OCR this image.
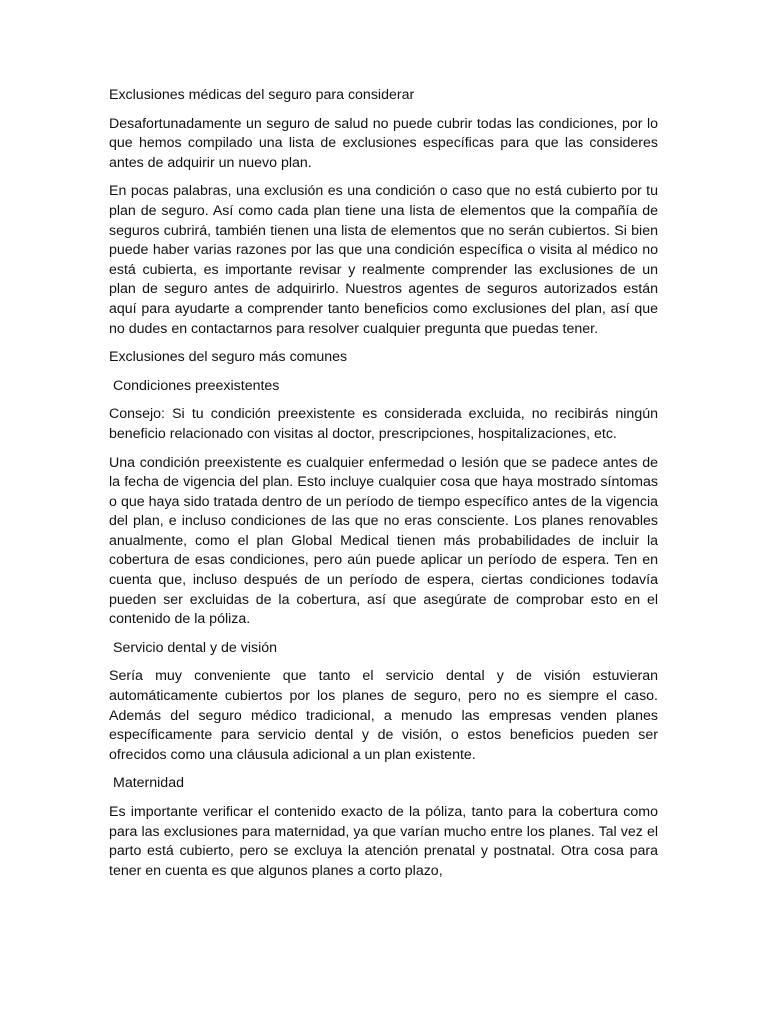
Exclusiones médicas del seguro para considerar

Desafortunadamente un seguro de salud no puede cubrir todas las condiciones, por lo que hemos compilado una lista de exclusiones específicas para que las consideres antes de adquirir un nuevo plan.

En pocas palabras, una exclusión es una condición o caso que no está cubierto por tu plan de seguro. Así como cada plan tiene una lista de elementos que la compañía de seguros cubrirá, también tienen una lista de elementos que no serán cubiertos. Si bien puede haber varias razones por las que una condición específica o visita al médico no está cubierta, es importante revisar y realmente comprender las exclusiones de un plan de seguro antes de adquirirlo. Nuestros agentes de seguros autorizados están aquí para ayudarte a comprender tanto beneficios como exclusiones del plan, así que no dudes en contactarnos para resolver cualquier pregunta que puedas tener.

Exclusiones del seguro más comunes

Condiciones preexistentes

Consejo: Si tu condición preexistente es considerada excluida, no recibirás ningún beneficio relacionado con visitas al doctor, prescripciones, hospitalizaciones, etc.

Una condición preexistente es cualquier enfermedad o lesión que se padece antes de la fecha de vigencia del plan. Esto incluye cualquier cosa que haya mostrado síntomas o que haya sido tratada dentro de un período de tiempo específico antes de la vigencia del plan, e incluso condiciones de las que no eras consciente. Los planes renovables anualmente, como el plan Global Medical tienen más probabilidades de incluir la cobertura de esas condiciones, pero aún puede aplicar un período de espera. Ten en cuenta que, incluso después de un período de espera, ciertas condiciones todavía pueden ser excluidas de la cobertura, así que asegúrate de comprobar esto en el contenido de la póliza.

Servicio dental y de visión

Sería muy conveniente que tanto el servicio dental y de visión estuvieran automáticamente cubiertos por los planes de seguro, pero no es siempre el caso. Además del seguro médico tradicional, a menudo las empresas venden planes específicamente para servicio dental y de visión, o estos beneficios pueden ser ofrecidos como una cláusula adicional a un plan existente.

Maternidad

Es importante verificar el contenido exacto de la póliza, tanto para la cobertura como para las exclusiones para maternidad, ya que varían mucho entre los planes. Tal vez el parto está cubierto, pero se excluya la atención prenatal y postnatal. Otra cosa para tener en cuenta es que algunos planes a corto plazo,
